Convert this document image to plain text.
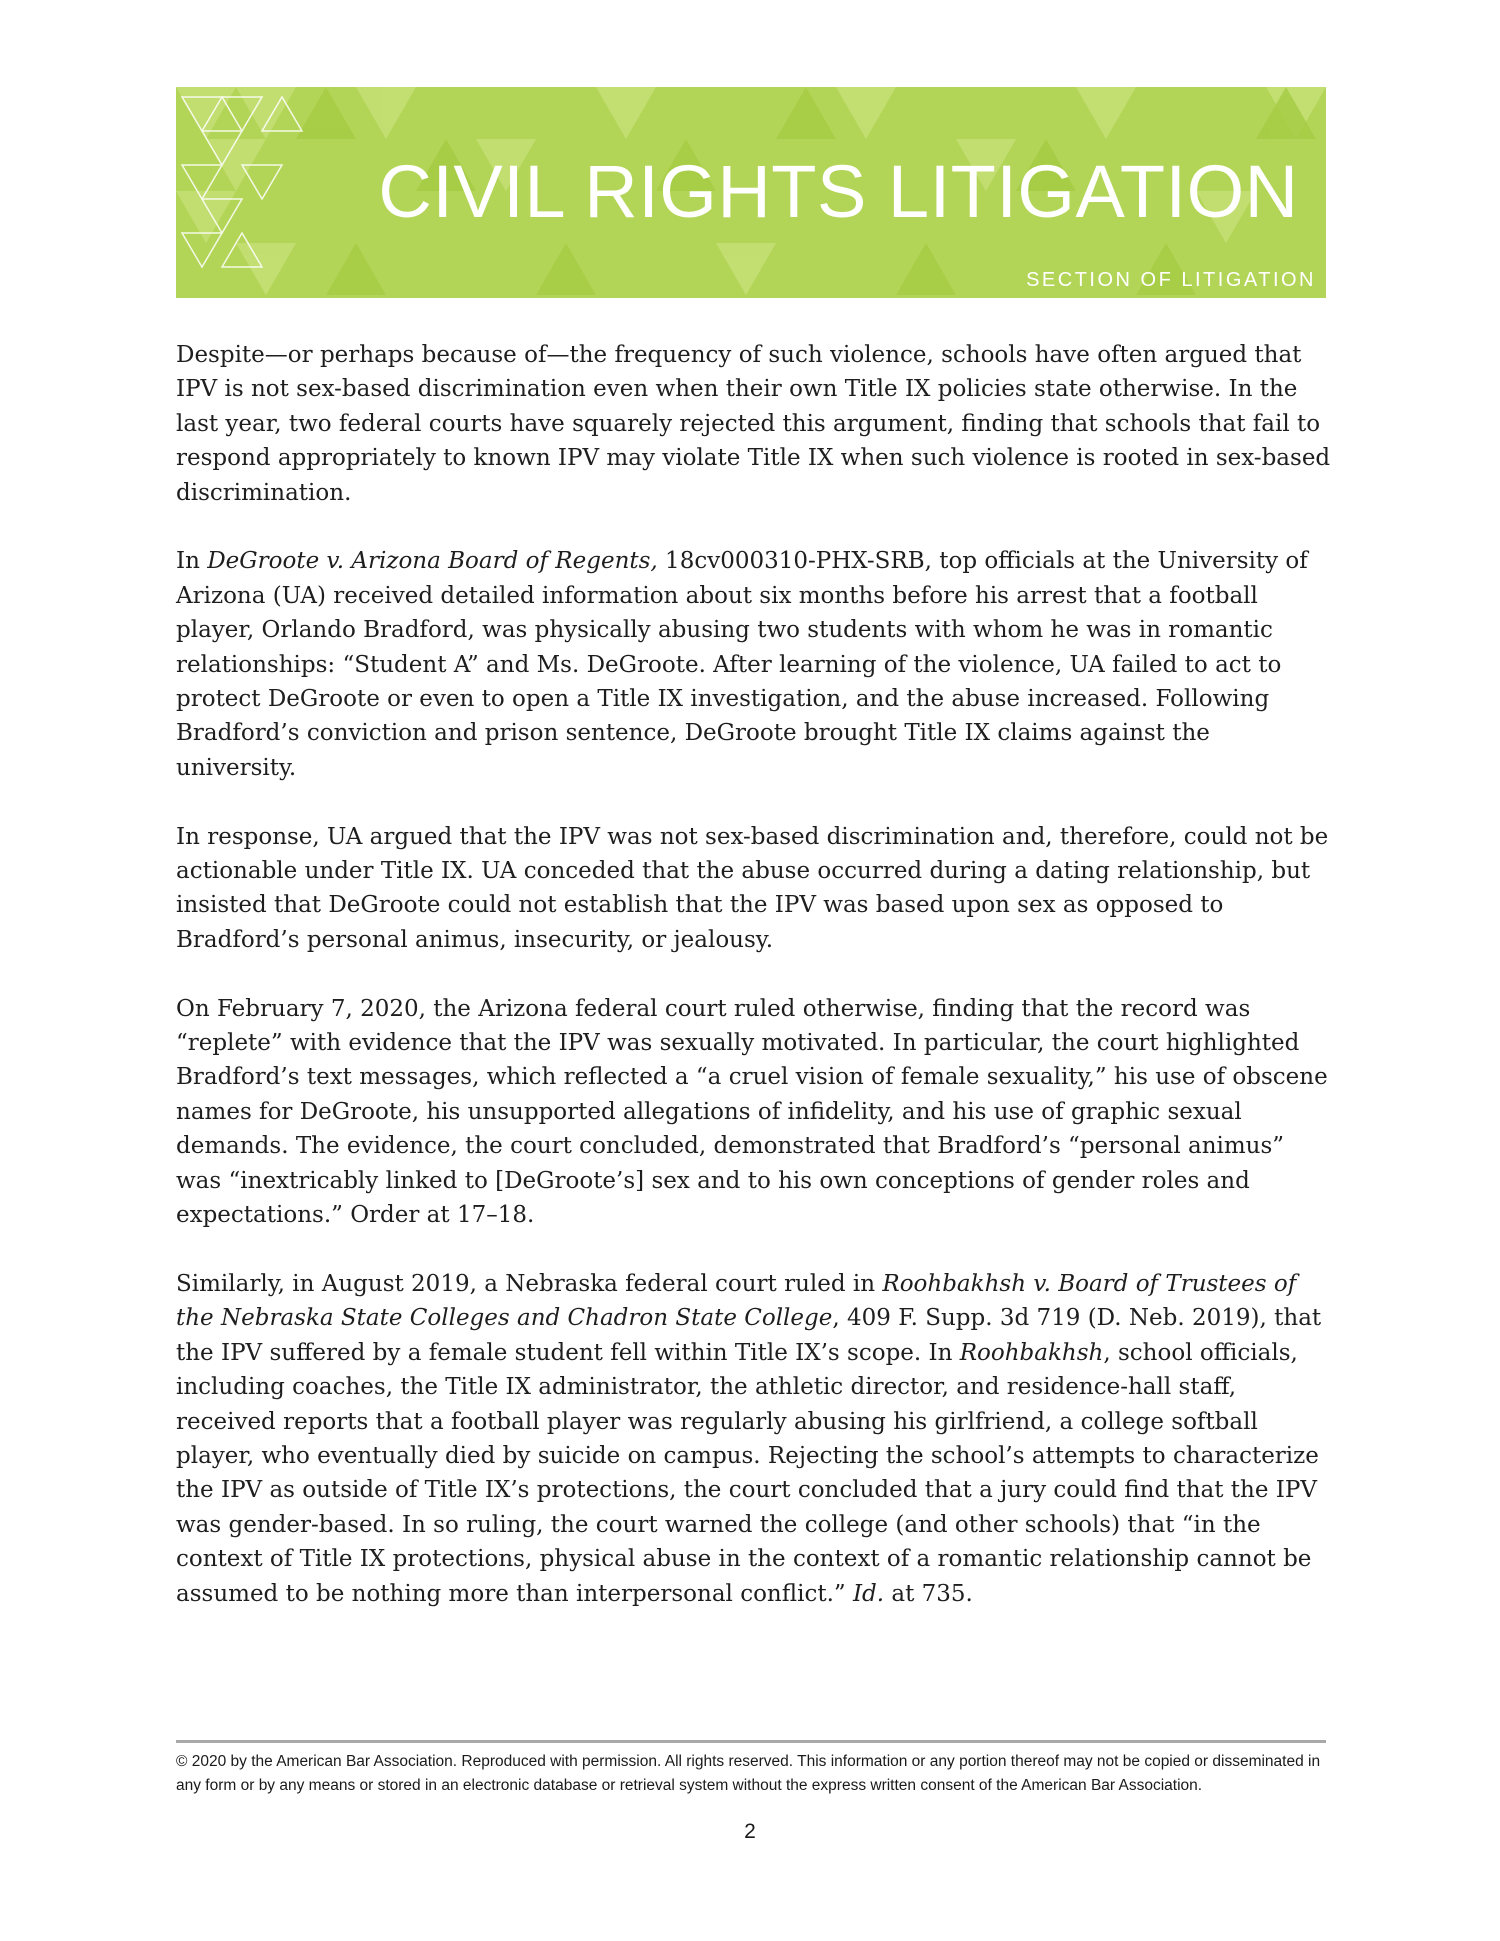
CIVIL RIGHTS LITIGATION
SECTION OF LITIGATION

Despite—or perhaps because of—the frequency of such violence, schools have often argued that IPV is not sex-based discrimination even when their own Title IX policies state otherwise. In the last year, two federal courts have squarely rejected this argument, finding that schools that fail to respond appropriately to known IPV may violate Title IX when such violence is rooted in sex-based discrimination.

In DeGroote v. Arizona Board of Regents, 18cv000310-PHX-SRB, top officials at the University of Arizona (UA) received detailed information about six months before his arrest that a football player, Orlando Bradford, was physically abusing two students with whom he was in romantic relationships: “Student A” and Ms. DeGroote. After learning of the violence, UA failed to act to protect DeGroote or even to open a Title IX investigation, and the abuse increased. Following Bradford’s conviction and prison sentence, DeGroote brought Title IX claims against the university.

In response, UA argued that the IPV was not sex-based discrimination and, therefore, could not be actionable under Title IX. UA conceded that the abuse occurred during a dating relationship, but insisted that DeGroote could not establish that the IPV was based upon sex as opposed to Bradford’s personal animus, insecurity, or jealousy.

On February 7, 2020, the Arizona federal court ruled otherwise, finding that the record was “replete” with evidence that the IPV was sexually motivated. In particular, the court highlighted Bradford’s text messages, which reflected a “a cruel vision of female sexuality,” his use of obscene names for DeGroote, his unsupported allegations of infidelity, and his use of graphic sexual demands. The evidence, the court concluded, demonstrated that Bradford’s “personal animus” was “inextricably linked to [DeGroote’s] sex and to his own conceptions of gender roles and expectations.” Order at 17–18.

Similarly, in August 2019, a Nebraska federal court ruled in Roohbakhsh v. Board of Trustees of the Nebraska State Colleges and Chadron State College, 409 F. Supp. 3d 719 (D. Neb. 2019), that the IPV suffered by a female student fell within Title IX’s scope. In Roohbakhsh, school officials, including coaches, the Title IX administrator, the athletic director, and residence-hall staff, received reports that a football player was regularly abusing his girlfriend, a college softball player, who eventually died by suicide on campus. Rejecting the school’s attempts to characterize the IPV as outside of Title IX’s protections, the court concluded that a jury could find that the IPV was gender-based. In so ruling, the court warned the college (and other schools) that “in the context of Title IX protections, physical abuse in the context of a romantic relationship cannot be assumed to be nothing more than interpersonal conflict.” Id. at 735.

© 2020 by the American Bar Association. Reproduced with permission. All rights reserved. This information or any portion thereof may not be copied or disseminated in any form or by any means or stored in an electronic database or retrieval system without the express written consent of the American Bar Association.
2
